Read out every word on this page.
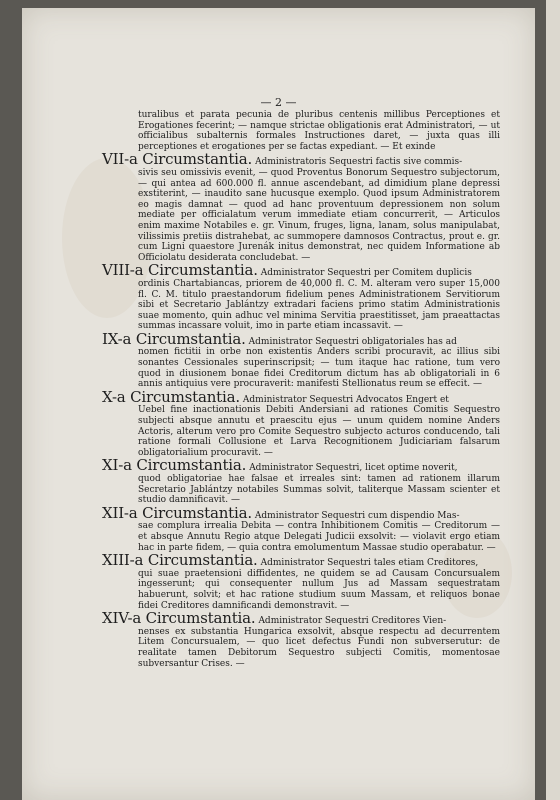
— 2 —
turalibus et parata pecunia de pluribus centenis millibus Perceptiones et Erogationes fecerint; — namque strictae obligationis erat Administratori, — ut officialibus subalternis formales Instructiones daret, — juxta quas illi perceptiones et erogationes per se factas expediant. — Et exinde
VII-a Circumstantia. Administratoris Sequestri factis sive commis-
sivis seu omissivis evenit, — quod Proventus Bonorum Sequestro subjectorum, — qui antea ad 600.000 fl. annue ascendebant, ad dimidium plane depressi exstiterint, — inaudito sane hucusque exemplo. Quod ipsum Administratorem eo magis damnat — quod ad hanc proventuum depressionem non solum mediate per officialatum verum immediate etiam concurrerit, — Articulos enim maxime Notabiles e. gr. Vinum, fruges, ligna, lanam, solus manipulabat, vilissimis pretiis distrahebat, ac summopere damnosos Contractus, prout e. gr. cum Ligni quaestore Jurenák initus demonstrat, nec quidem Informatione ab Officiolatu desiderata concludebat. —
VIII-a Circumstantia. Administrator Sequestri per Comitem duplicis
ordinis Chartabiancas, priorem de 40,000 fl. C. M. alteram vero super 15,000 fl. C. M. titulo praestandorum fidelium penes Administrationem Servitiorum sibi et Secretario Jablántzy extradari faciens primo statim Administrationis suae momento, quin adhuc vel minima Servitia praestitisset, jam praeattactas summas incassare voluit, imo in parte etiam incassavit. —
IX-a Circumstantia. Administrator Sequestri obligatoriales has ad
nomen fictitii in orbe non existentis Anders scribi procuravit, ac illius sibi sonantes Cessionales superinscripsit; — tum itaque hac ratione, tum vero quod in diusionem bonae fidei Creditorum dictum has ab obligatoriali in 6 annis antiquius vere procuraverit: manifesti Stellionatus reum se effecit. —
X-a Circumstantia. Administrator Sequestri Advocatos Engert et
Uebel fine inactionationis Debiti Andersiani ad rationes Comitis Sequestro subjecti absque annutu et praescitu ejus — unum quidem nomine Anders Actoris, alterum vero pro Comite Sequestro subjecto acturos conducendo, tali ratione formali Collusione et Larva Recognitionem Judiciariam falsarum obligatorialium procuravit. —
XI-a Circumstantia. Administrator Sequestri, licet optime noverit,
quod obligatoriae hae falsae et irreales sint: tamen ad rationem illarum Secretario Jablántzy notabiles Summas solvit, taliterque Massam scienter et studio damnificavit. —
XII-a Circumstantia. Administrator Sequestri cum dispendio Mas-
sae complura irrealia Debita — contra Inhibitionem Comitis — Creditorum — et absque Annutu Regio atque Delegati Judicii exsolvit: — violavit ergo etiam hac in parte fidem, — quia contra emolumentum Massae studio operabatur. —
XIII-a Circumstantia. Administrator Sequestri tales etiam Creditores,
qui suae praetensioni diffidentes, ne quidem se ad Causam Concursualem ingesserunt; qui consequenter nullum Jus ad Massam sequestratam habuerunt, solvit; et hac ratione studium suum Massam, et reliquos bonae fidei Creditores damnificandi demonstravit. —
XIV-a Circumstantia. Administrator Sequestri Creditores Vien-
nenses ex substantia Hungarica exsolvit, absque respectu ad decurrentem Litem Concursualem, — quo licet defectus Fundi non subverserutur: de realitate tamen Debitorum Sequestro subjecti Comitis, momentosae subversantur Crises. —
